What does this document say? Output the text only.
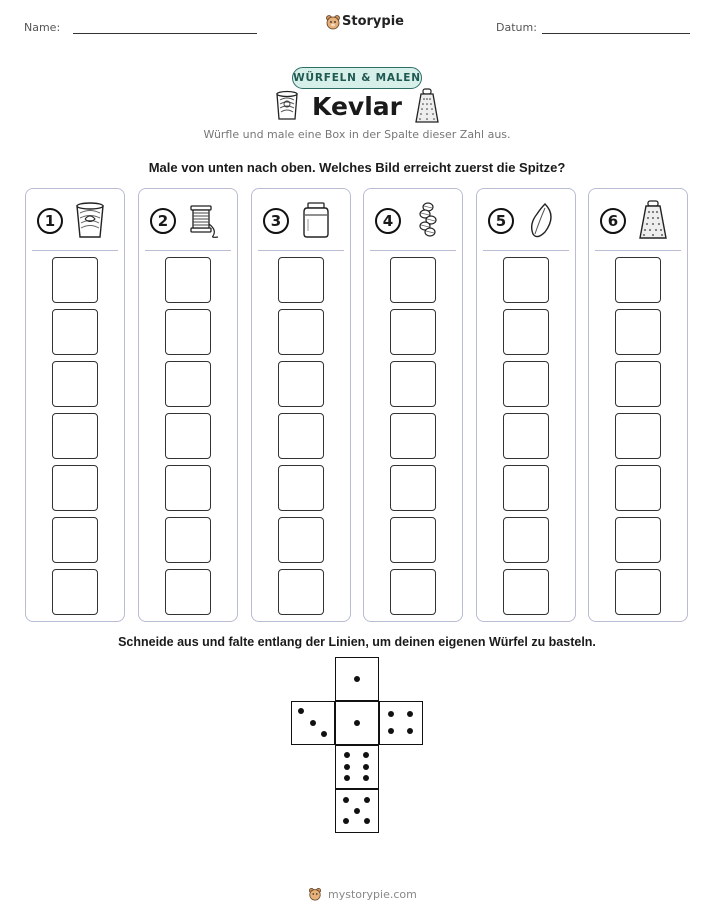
Name:	Storypie	Datum:
WÜRFELN & MALEN
Kevlar
Würfle und male eine Box in der Spalte dieser Zahl aus.
Male von unten nach oben. Welches Bild erreicht zuerst die Spitze?
1	2	3	4	5	6
Schneide aus und falte entlang der Linien, um deinen eigenen Würfel zu basteln.
mystorypie.com
